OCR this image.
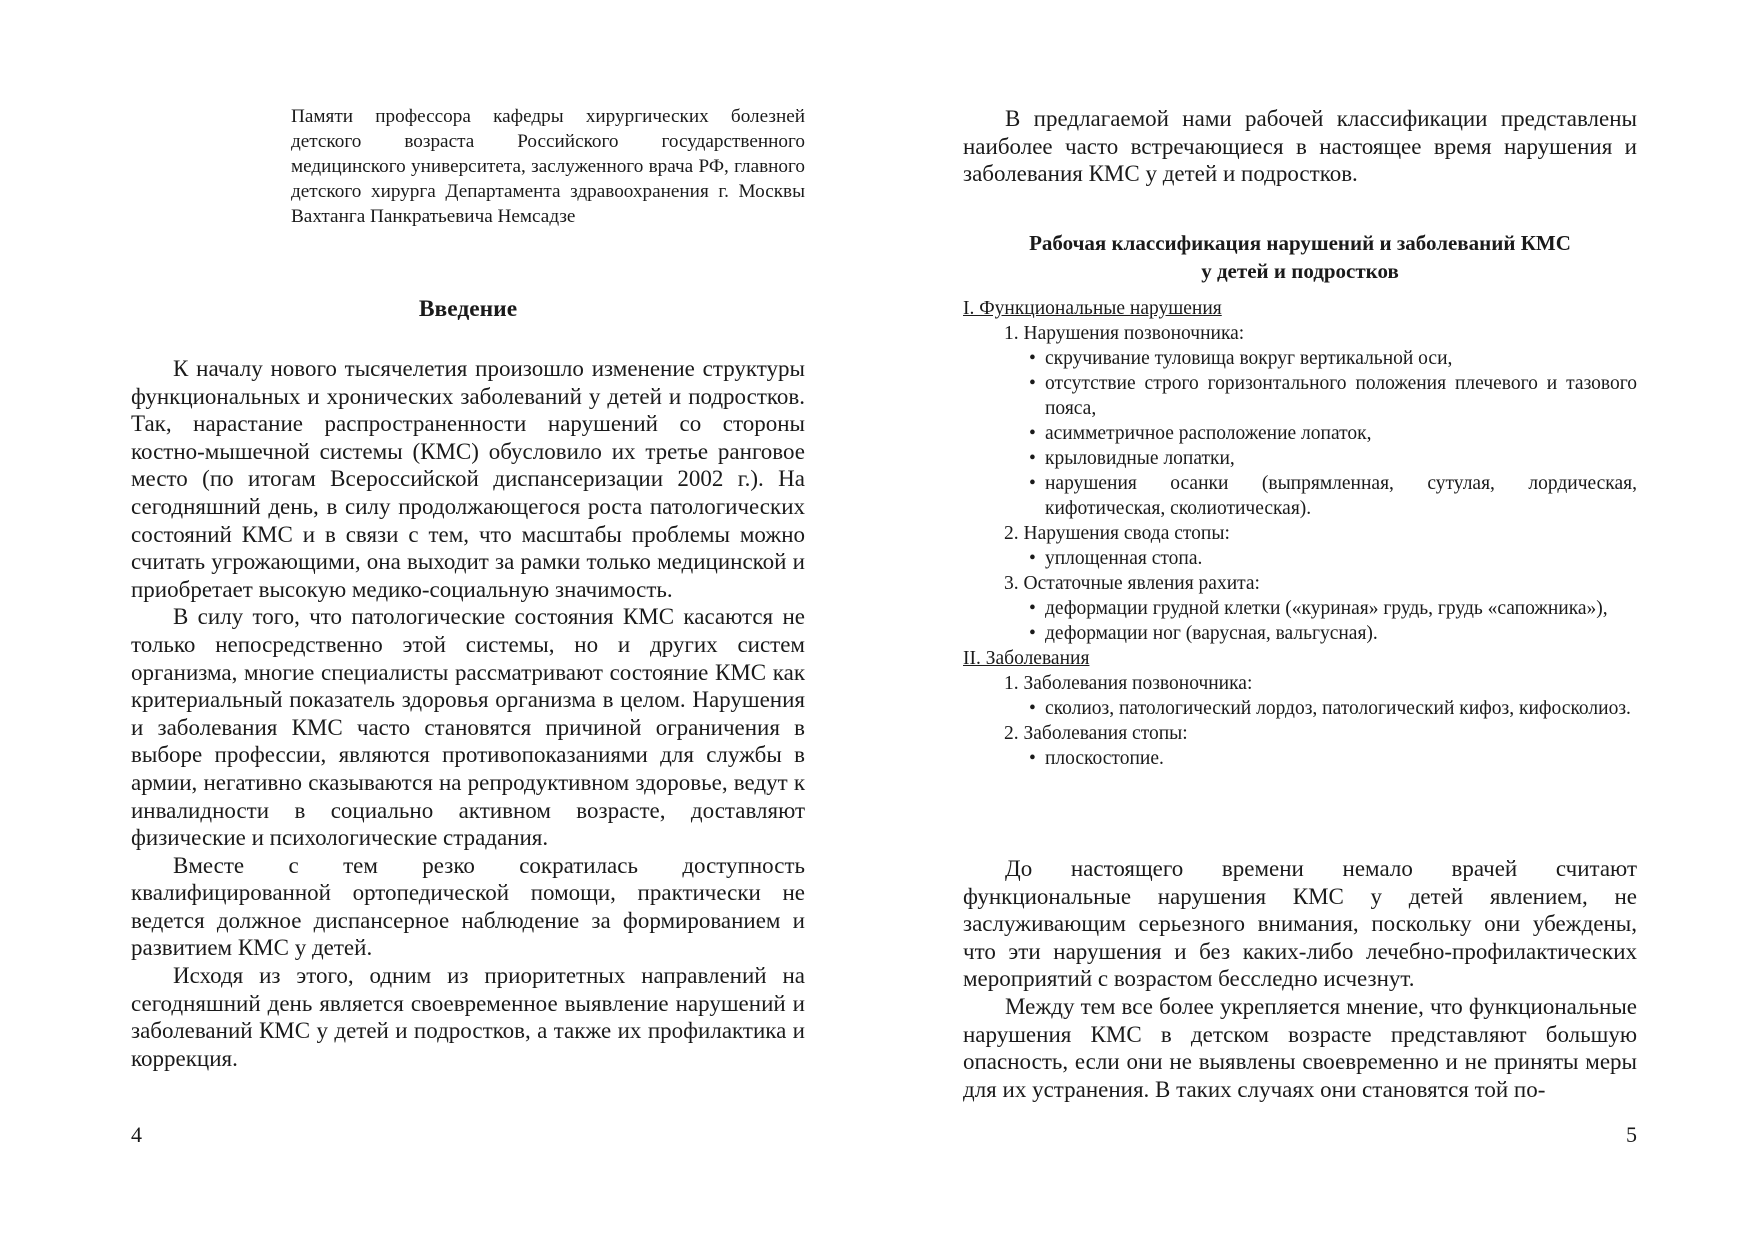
Памяти профессора кафедры хирургических болезней детского возраста Российского государственного медицинского университета, заслуженного врача РФ, главного детского хирурга Департамента здравоохранения г. Москвы Вахтанга Панкратьевича Немсадзе
Введение

К началу нового тысячелетия произошло изменение структуры функциональных и хронических заболеваний у детей и подростков. Так, нарастание распространенности нарушений со стороны костно-мышечной системы (КМС) обусловило их третье ранговое место (по итогам Всероссийской диспансеризации 2002 г.). На сегодняшний день, в силу продолжающегося роста патологических состояний КМС и в связи с тем, что масштабы проблемы можно считать угрожающими, она выходит за рамки только медицинской и приобретает высокую медико-социальную значимость.

В силу того, что патологические состояния КМС касаются не только непосредственно этой системы, но и других систем организма, многие специалисты рассматривают состояние КМС как критериальный показатель здоровья организма в целом. Нарушения и заболевания КМС часто становятся причиной ограничения в выборе профессии, являются противопоказаниями для службы в армии, негативно сказываются на репродуктивном здоровье, ведут к инвалидности в социально активном возрасте, доставляют физические и психологические страдания.

Вместе с тем резко сократилась доступность квалифицированной ортопедической помощи, практически не ведется должное диспансерное наблюдение за формированием и развитием КМС у детей.

Исходя из этого, одним из приоритетных направлений на сегодняшний день является своевременное выявление нарушений и заболеваний КМС у детей и подростков, а также их профилактика и коррекция.

4

В предлагаемой нами рабочей классификации представлены наиболее часто встречающиеся в настоящее время нарушения и заболевания КМС у детей и подростков.

Рабочая классификация нарушений и заболеваний КМС
у детей и подростков
I. Функциональные нарушения
1. Нарушения позвоночника:
• скручивание туловища вокруг вертикальной оси,
• отсутствие строго горизонтального положения плечевого и тазового пояса,
• асимметричное расположение лопаток,
• крыловидные лопатки,
• нарушения осанки (выпрямленная, сутулая, лордическая, кифотическая, сколиотическая).
2. Нарушения свода стопы:
• уплощенная стопа.
3. Остаточные явления рахита:
• деформации грудной клетки («куриная» грудь, грудь «сапожника»),
• деформации ног (варусная, вальгусная).
II. Заболевания
1. Заболевания позвоночника:
• сколиоз, патологический лордоз, патологический кифоз, кифосколиоз.
2. Заболевания стопы:
• плоскостопие.

До настоящего времени немало врачей считают функциональные нарушения КМС у детей явлением, не заслуживающим серьезного внимания, поскольку они убеждены, что эти нарушения и без каких-либо лечебно-профилактических мероприятий с возрастом бесследно исчезнут.

Между тем все более укрепляется мнение, что функциональные нарушения КМС в детском возрасте представляют большую опасность, если они не выявлены своевременно и не приняты меры для их устранения. В таких случаях они становятся той по-

5
